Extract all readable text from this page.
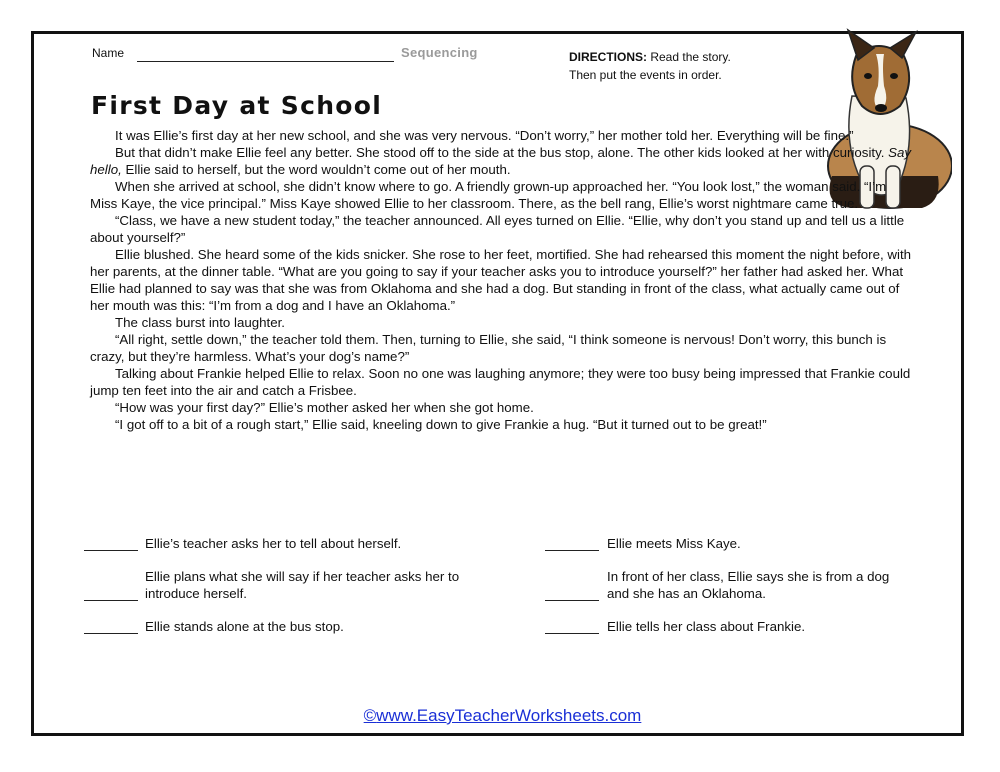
Name	Sequencing	DIRECTIONS: Read the story.
Then put the events in order.
First Day at School

It was Ellie’s first day at her new school, and she was very nervous. “Don’t worry,” her mother told her. Everything will be fine.”

But that didn’t make Ellie feel any better. She stood off to the side at the bus stop, alone. The other kids looked at her with curiosity. Say hello, Ellie said to herself, but the word wouldn’t come out of her mouth.

When she arrived at school, she didn’t know where to go. A friendly grown-up approached her. “You look lost,” the woman said. “I’m Miss Kaye, the vice principal.” Miss Kaye showed Ellie to her classroom. There, as the bell rang, Ellie’s worst nightmare came true.

“Class, we have a new student today,” the teacher announced. All eyes turned on Ellie. “Ellie, why don’t you stand up and tell us a little about yourself?”

Ellie blushed. She heard some of the kids snicker. She rose to her feet, mortified. She had rehearsed this moment the night before, with her parents, at the dinner table. “What are you going to say if your teacher asks you to introduce yourself?” her father had asked her. What Ellie had planned to say was that she was from Oklahoma and she had a dog. But standing in front of the class, what actually came out of her mouth was this: “I’m from a dog and I have an Oklahoma.”

The class burst into laughter.

“All right, settle down,” the teacher told them. Then, turning to Ellie, she said, “I think someone is nervous! Don’t worry, this bunch is crazy, but they’re harmless. What’s your dog’s name?”

Talking about Frankie helped Ellie to relax. Soon no one was laughing anymore; they were too busy being impressed that Frankie could jump ten feet into the air and catch a Frisbee.

“How was your first day?” Ellie’s mother asked her when she got home.

“I got off to a bit of a rough start,” Ellie said, kneeling down to give Frankie a hug. “But it turned out to be great!”

Ellie’s teacher asks her to tell about herself.
Ellie plans what she will say if her teacher asks her to introduce herself.
Ellie stands alone at the bus stop.
Ellie meets Miss Kaye.
In front of her class, Ellie says she is from a dog and she has an Oklahoma.
Ellie tells her class about Frankie.
©www.EasyTeacherWorksheets.com
